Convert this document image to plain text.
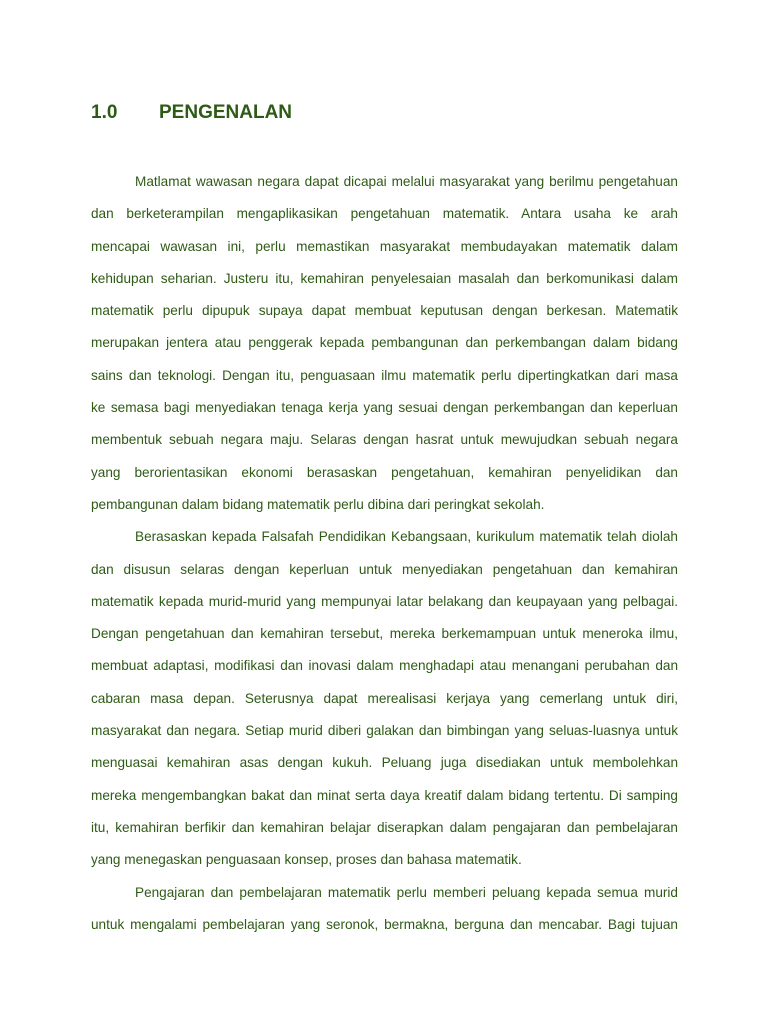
1.0 PENGENALAN
Matlamat wawasan negara dapat dicapai melalui masyarakat yang berilmu pengetahuan
dan berketerampilan mengaplikasikan pengetahuan matematik. Antara usaha ke arah
mencapai wawasan ini, perlu memastikan masyarakat membudayakan matematik dalam
kehidupan seharian. Justeru itu, kemahiran penyelesaian masalah dan berkomunikasi dalam
matematik perlu dipupuk supaya dapat membuat keputusan dengan berkesan. Matematik
merupakan jentera atau penggerak kepada pembangunan dan perkembangan dalam bidang
sains dan teknologi. Dengan itu, penguasaan ilmu matematik perlu dipertingkatkan dari masa
ke semasa bagi menyediakan tenaga kerja yang sesuai dengan perkembangan dan keperluan
membentuk sebuah negara maju. Selaras dengan hasrat untuk mewujudkan sebuah negara
yang berorientasikan ekonomi berasaskan pengetahuan, kemahiran penyelidikan dan
pembangunan dalam bidang matematik perlu dibina dari peringkat sekolah.
Berasaskan kepada Falsafah Pendidikan Kebangsaan, kurikulum matematik telah diolah
dan disusun selaras dengan keperluan untuk menyediakan pengetahuan dan kemahiran
matematik kepada murid-murid yang mempunyai latar belakang dan keupayaan yang pelbagai.
Dengan pengetahuan dan kemahiran tersebut, mereka berkemampuan untuk meneroka ilmu,
membuat adaptasi, modifikasi dan inovasi dalam menghadapi atau menangani perubahan dan
cabaran masa depan. Seterusnya dapat merealisasi kerjaya yang cemerlang untuk diri,
masyarakat dan negara. Setiap murid diberi galakan dan bimbingan yang seluas-luasnya untuk
menguasai kemahiran asas dengan kukuh. Peluang juga disediakan untuk membolehkan
mereka mengembangkan bakat dan minat serta daya kreatif dalam bidang tertentu. Di samping
itu, kemahiran berfikir dan kemahiran belajar diserapkan dalam pengajaran dan pembelajaran
yang menegaskan penguasaan konsep, proses dan bahasa matematik.
Pengajaran dan pembelajaran matematik perlu memberi peluang kepada semua murid
untuk mengalami pembelajaran yang seronok, bermakna, berguna dan mencabar. Bagi tujuan
